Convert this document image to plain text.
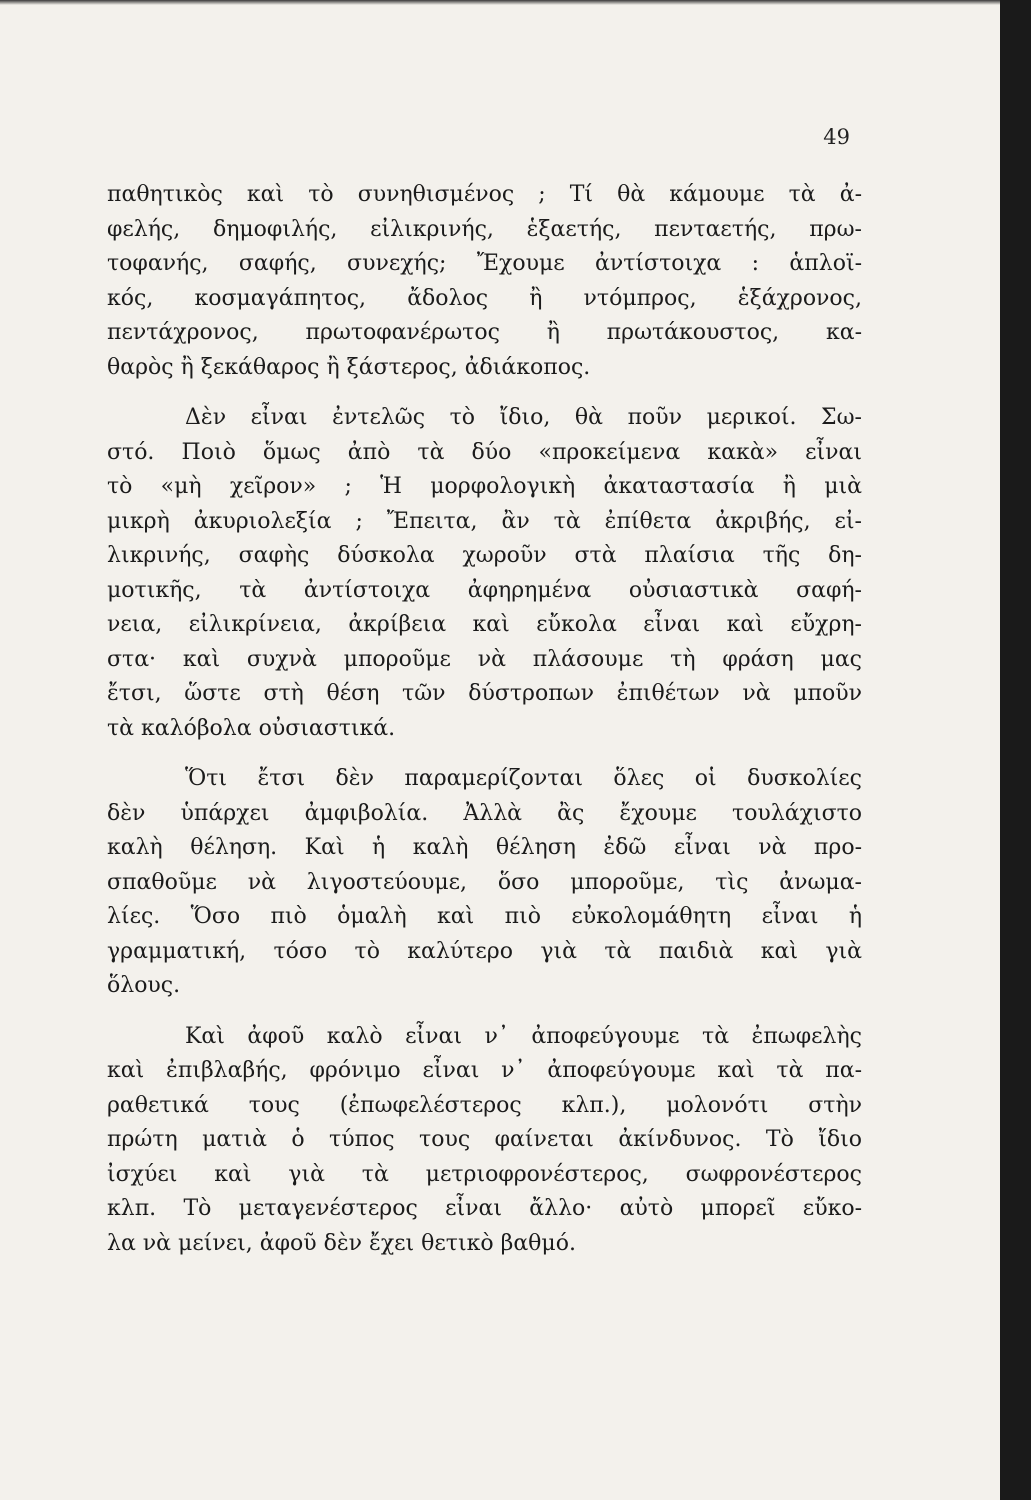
49
παθητικὸς καὶ τὸ συνηθισμένος ; Τί θὰ κάμουμε τὰ ἀ-
φελής, δημοφιλής, εἰλικρινής, ἑξαετής, πενταετής, πρω-
τοφανής, σαφής, συνεχής; Ἔχουμε ἀντίστοιχα : ἁπλοϊ-
κός, κοσμαγάπητος, ἄδολος ἢ ντόμπρος, ἑξάχρονος,
πεντάχρονος, πρωτοφανέρωτος ἢ πρωτάκουστος, κα-
θαρὸς ἢ ξεκάθαρος ἢ ξάστερος, ἀδιάκοπος.
Δὲν εἶναι ἐντελῶς τὸ ἴδιο, θὰ ποῦν μερικοί. Σω-
στό. Ποιὸ ὅμως ἀπὸ τὰ δύο «προκείμενα κακὰ» εἶναι
τὸ «μὴ χεῖρον» ; Ἡ μορφολογικὴ ἀκαταστασία ἢ μιὰ
μικρὴ ἀκυριολεξία ; Ἔπειτα, ἂν τὰ ἐπίθετα ἀκριβής, εἰ-
λικρινής, σαφὴς δύσκολα χωροῦν στὰ πλαίσια τῆς δη-
μοτικῆς, τὰ ἀντίστοιχα ἀφηρημένα οὐσιαστικὰ σαφή-
νεια, εἰλικρίνεια, ἀκρίβεια καὶ εὔκολα εἶναι καὶ εὔχρη-
στα· καὶ συχνὰ μποροῦμε νὰ πλάσουμε τὴ φράση μας
ἔτσι, ὥστε στὴ θέση τῶν δύστροπων ἐπιθέτων νὰ μποῦν
τὰ καλόβολα οὐσιαστικά.
Ὅτι ἔτσι δὲν παραμερίζονται ὅλες οἱ δυσκολίες
δὲν ὑπάρχει ἀμφιβολία. Ἀλλὰ ἂς ἔχουμε τουλάχιστο
καλὴ θέληση. Καὶ ἡ καλὴ θέληση ἐδῶ εἶναι νὰ προ-
σπαθοῦμε νὰ λιγοστεύουμε, ὅσο μποροῦμε, τὶς ἀνωμα-
λίες. Ὅσο πιὸ ὁμαλὴ καὶ πιὸ εὐκολομάθητη εἶναι ἡ
γραμματική, τόσο τὸ καλύτερο γιὰ τὰ παιδιὰ καὶ γιὰ
ὅλους.
Καὶ ἀφοῦ καλὸ εἶναι ν᾽ ἀποφεύγουμε τὰ ἐπωφελὴς
καὶ ἐπιβλαβής, φρόνιμο εἶναι ν᾽ ἀποφεύγουμε καὶ τὰ πα-
ραθετικά τους (ἐπωφελέστερος κλπ.), μολονότι στὴν
πρώτη ματιὰ ὁ τύπος τους φαίνεται ἀκίνδυνος. Τὸ ἴδιο
ἰσχύει καὶ γιὰ τὰ μετριοφρονέστερος, σωφρονέστερος
κλπ. Τὸ μεταγενέστερος εἶναι ἄλλο· αὐτὸ μπορεῖ εὔκο-
λα νὰ μείνει, ἀφοῦ δὲν ἔχει θετικὸ βαθμό.
